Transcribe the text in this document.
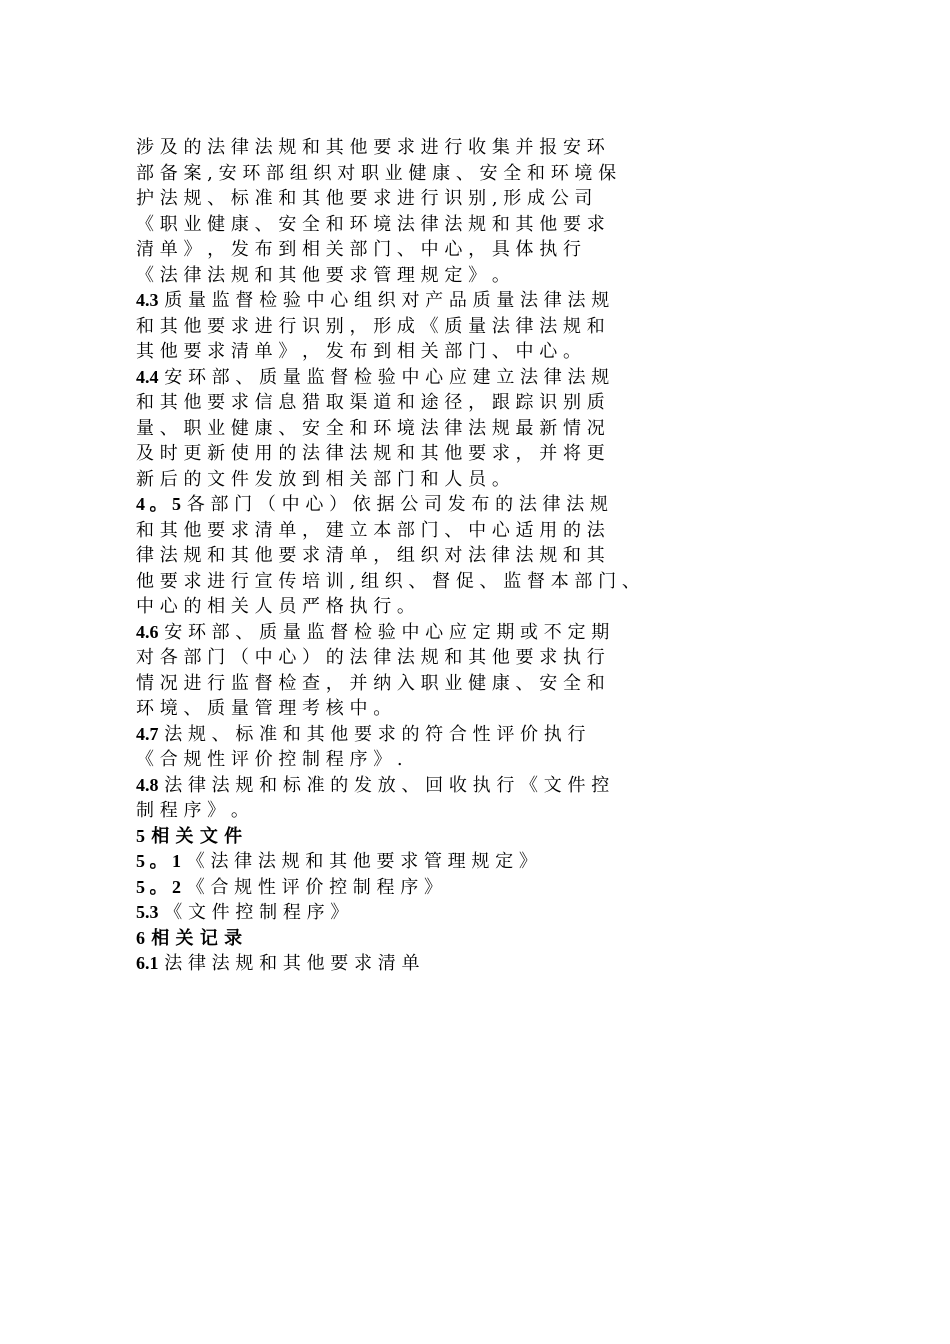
涉 及 的 法 律 法 规 和 其 他 要 求 进 行 收 集 并 报 安 环
部 备 案 , 安 环 部 组 织 对 职 业 健 康 、 安 全 和 环 境 保
护 法 规 、 标 准 和 其 他 要 求 进 行 识 别 , 形 成 公 司
《 职 业 健 康 、 安 全 和 环 境 法 律 法 规 和 其 他 要 求
清 单 》 ， 发 布 到 相 关 部 门 、 中 心 ， 具 体 执 行
《 法 律 法 规 和 其 他 要 求 管 理 规 定 》 。
4.3 质 量 监 督 检 验 中 心 组 织 对 产 品 质 量 法 律 法 规
和 其 他 要 求 进 行 识 别 ， 形 成 《 质 量 法 律 法 规 和
其 他 要 求 清 单 》 ， 发 布 到 相 关 部 门 、 中 心 。
4.4 安 环 部 、 质 量 监 督 检 验 中 心 应 建 立 法 律 法 规
和 其 他 要 求 信 息 猎 取 渠 道 和 途 径 ， 跟 踪 识 别 质
量 、 职 业 健 康 、 安 全 和 环 境 法 律 法 规 最 新 情 况
及 时 更 新 使 用 的 法 律 法 规 和 其 他 要 求 ， 并 将 更
新 后 的 文 件 发 放 到 相 关 部 门 和 人 员 。
4 。 5 各 部 门 （ 中 心 ） 依 据 公 司 发 布 的 法 律 法 规
和 其 他 要 求 清 单 ， 建 立 本 部 门 、 中 心 适 用 的 法
律 法 规 和 其 他 要 求 清 单 ， 组 织 对 法 律 法 规 和 其
他 要 求 进 行 宣 传 培 训 , 组 织 、 督 促 、 监 督 本 部 门 、
中 心 的 相 关 人 员 严 格 执 行 。
4.6 安 环 部 、 质 量 监 督 检 验 中 心 应 定 期 或 不 定 期
对 各 部 门 （ 中 心 ） 的 法 律 法 规 和 其 他 要 求 执 行
情 况 进 行 监 督 检 查 ， 并 纳 入 职 业 健 康 、 安 全 和
环 境 、 质 量 管 理 考 核 中 。
4.7 法 规 、 标 准 和 其 他 要 求 的 符 合 性 评 价 执 行
《 合 规 性 评 价 控 制 程 序 》 .
4.8 法 律 法 规 和 标 准 的 发 放 、 回 收 执 行 《 文 件 控
制 程 序 》 。
5 相 关 文 件
5 。 1 《 法 律 法 规 和 其 他 要 求 管 理 规 定 》
5 。 2 《 合 规 性 评 价 控 制 程 序 》
5.3 《 文 件 控 制 程 序 》
6 相 关 记 录
6.1 法 律 法 规 和 其 他 要 求 清 单
